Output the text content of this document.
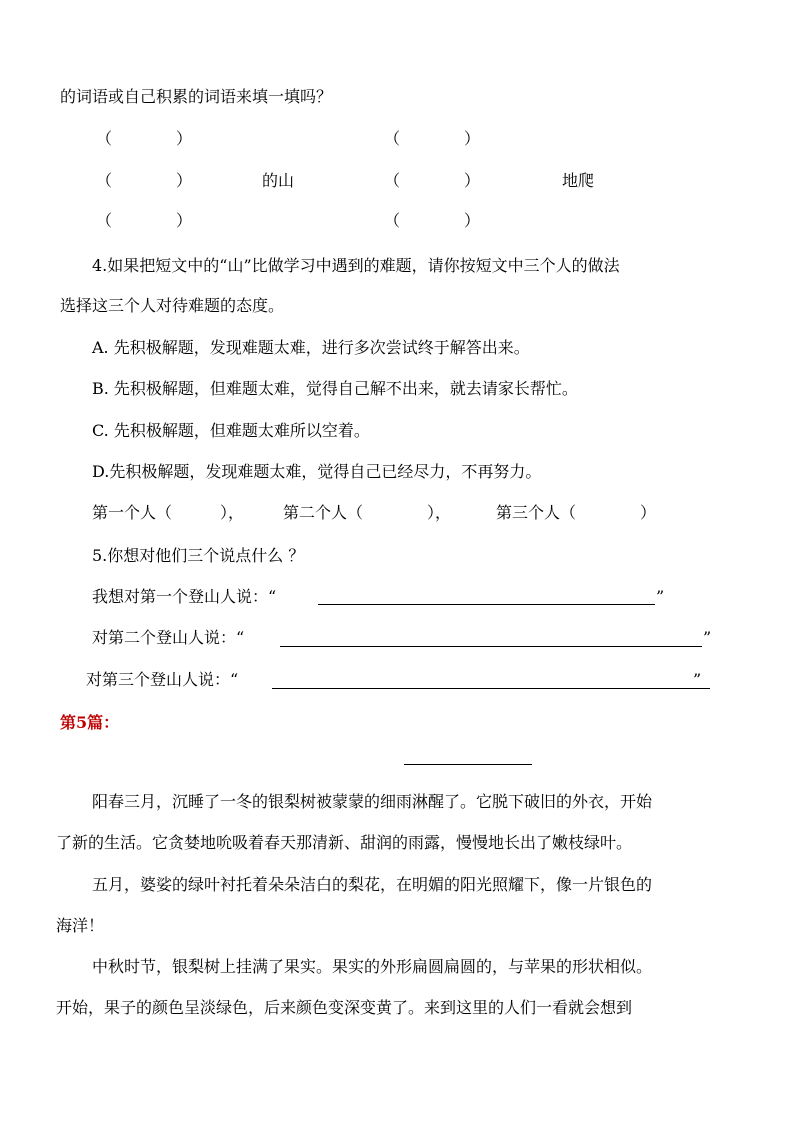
的词语或自己积累的词语来填一填吗？
（　　　　）	（　　　　）
（　　　　）	的山	（　　　　）	地爬
（　　　　）	（　　　　）
4.如果把短文中的“山”比做学习中遇到的难题，请你按短文中三个人的做法
选择这三个人对待难题的态度。
A. 先积极解题，发现难题太难，进行多次尝试终于解答出来。
B. 先积极解题，但难题太难，觉得自己解不出来，就去请家长帮忙。
C. 先积极解题，但难题太难所以空着。
D.先积极解题，发现难题太难，觉得自己已经尽力，不再努力。
第一个人（　　　）， 第二个人（　　　　），	第三个人（　　　　）
5.你想对他们三个说点什么 ？
我想对第一个登山人说：“	”
对第二个登山人说：“	”
对第三个登山人说：“	”
第5篇：
阳春三月，沉睡了一冬的银梨树被蒙蒙的细雨淋醒了。它脱下破旧的外衣，开始
了新的生活。它贪婪地吮吸着春天那清新、甜润的雨露，慢慢地长出了嫩枝绿叶。
五月，婆娑的绿叶衬托着朵朵洁白的梨花，在明媚的阳光照耀下，像一片银色的
海洋！
中秋时节，银梨树上挂满了果实。果实的外形扁圆扁圆的，与苹果的形状相似。
开始，果子的颜色呈淡绿色，后来颜色变深变黄了。来到这里的人们一看就会想到
